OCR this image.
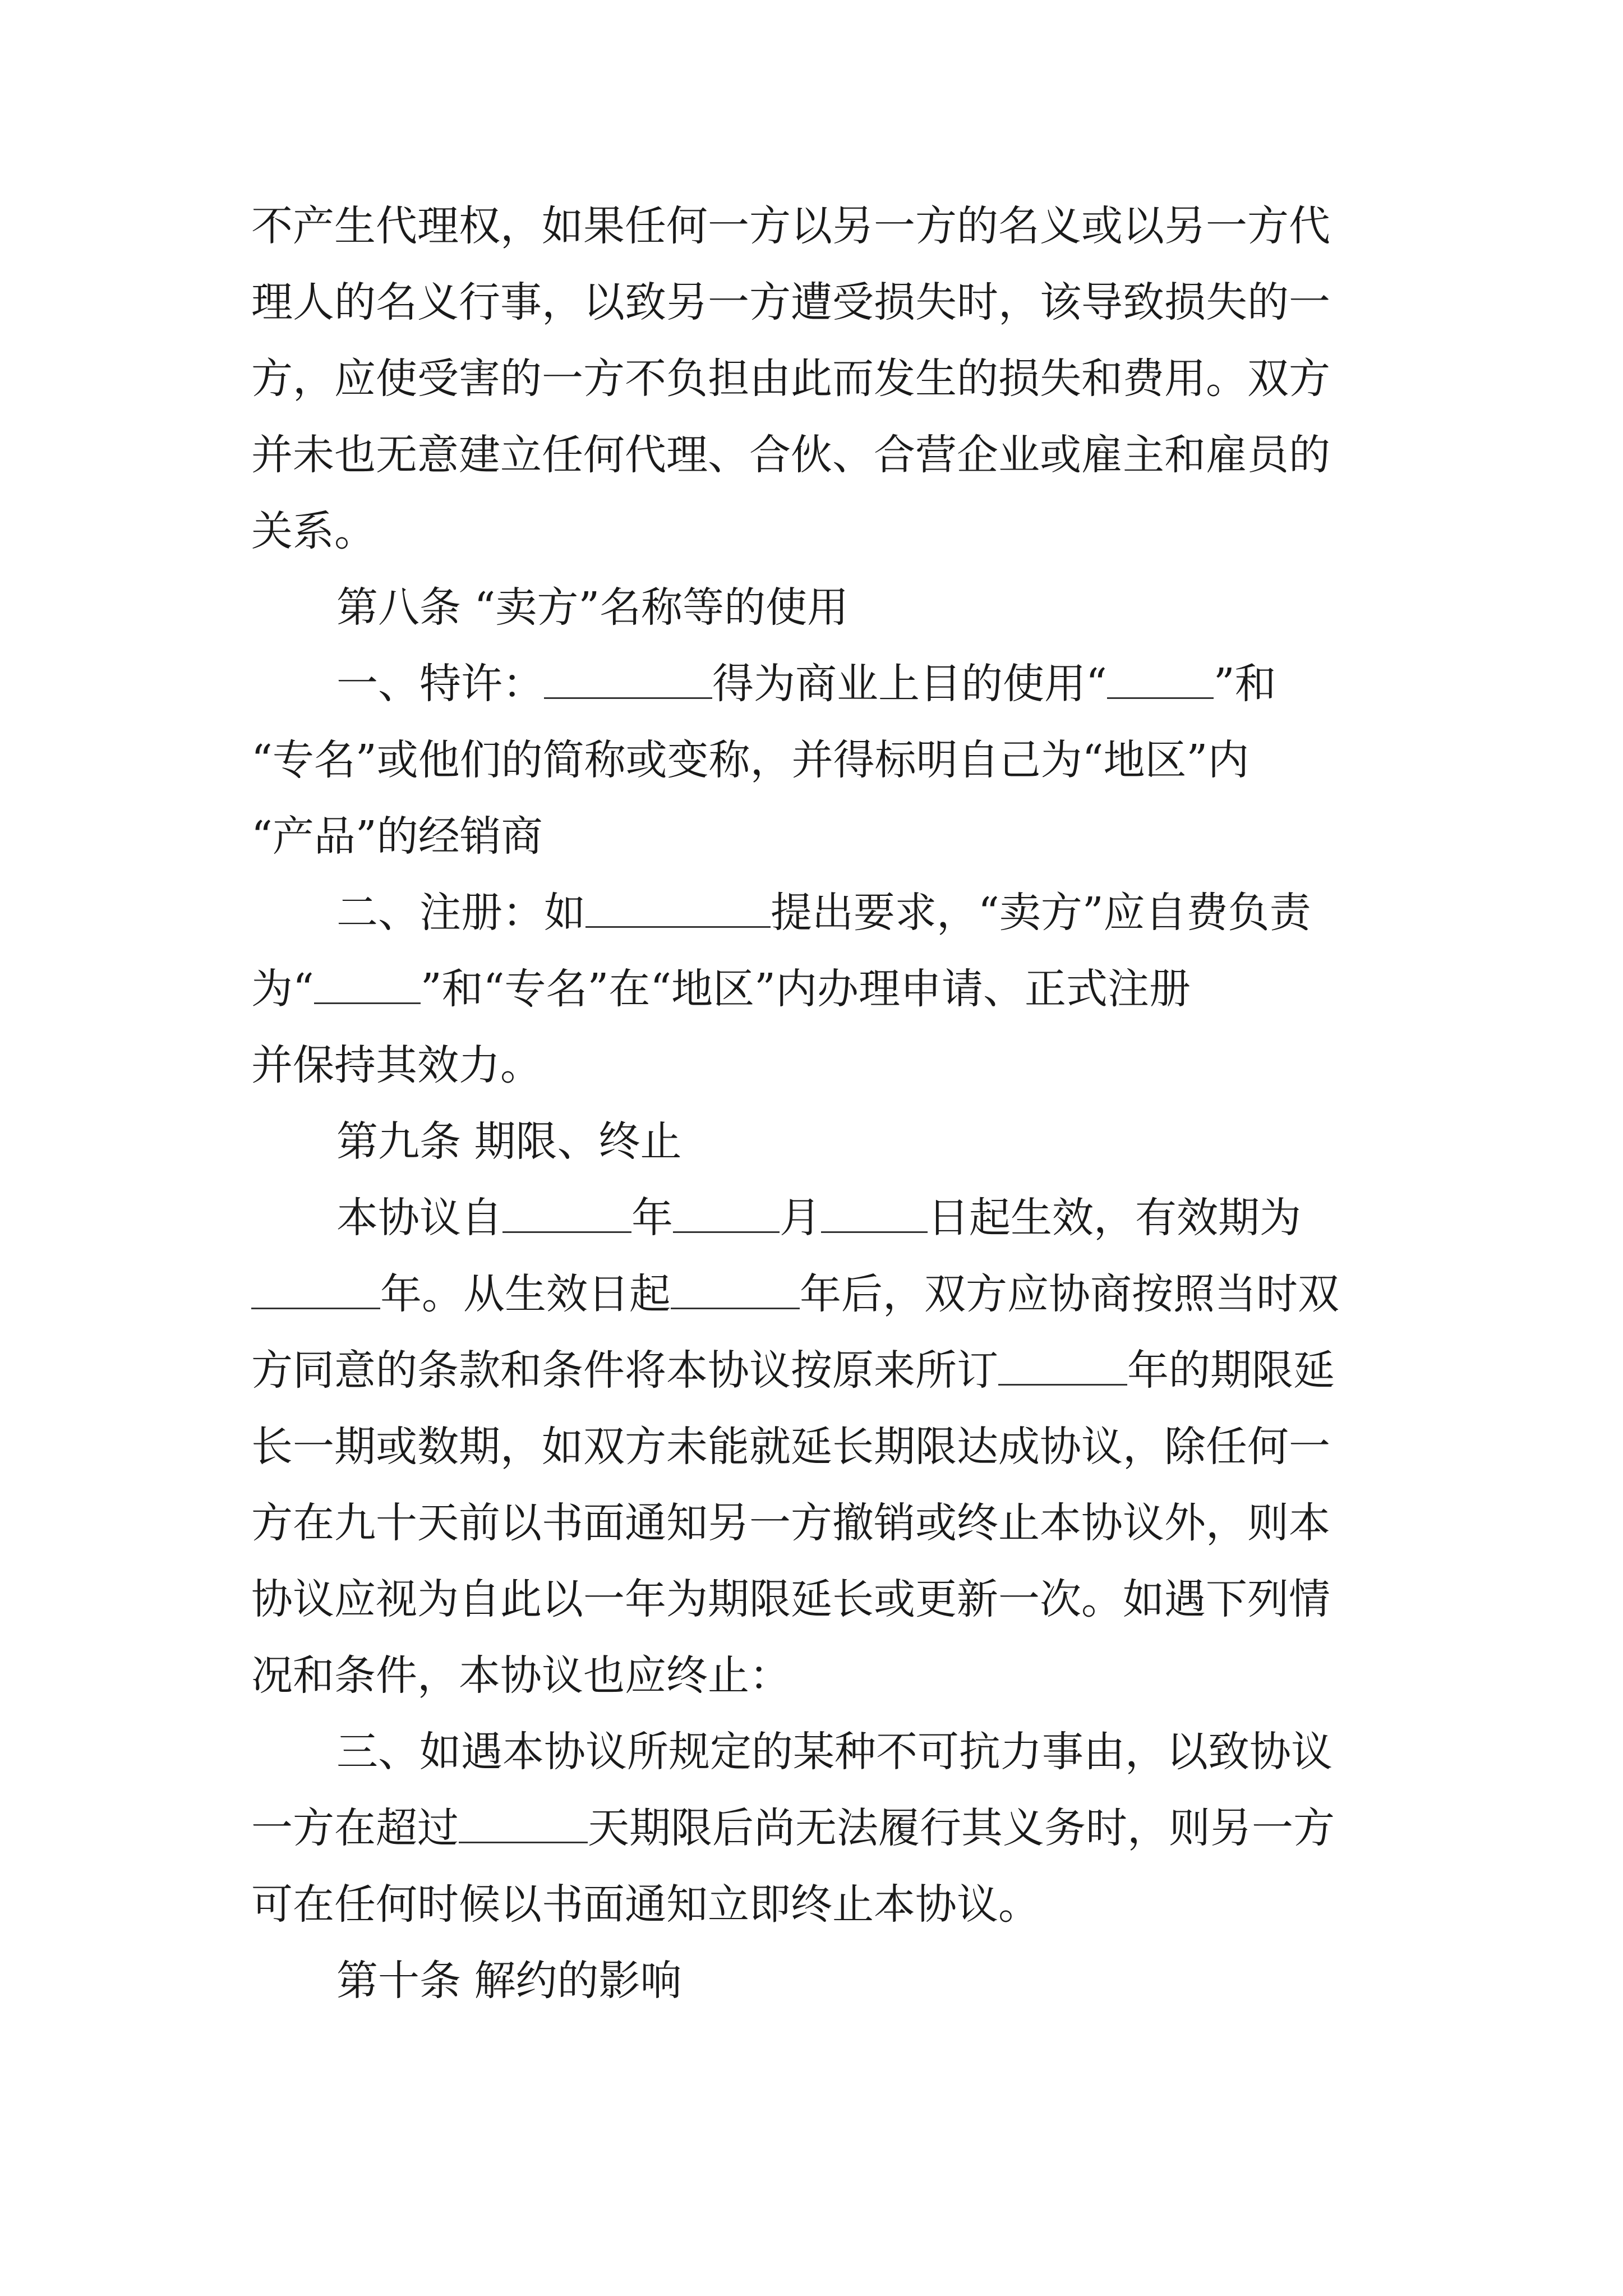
不产生代理权，如果任何一方以另一方的名义或以另一方代
理人的名义行事，以致另一方遭受损失时，该导致损失的一
方，应使受害的一方不负担由此而发生的损失和费用。双方
并未也无意建立任何代理、合伙、合营企业或雇主和雇员的
关系。
第八条 “卖方”名称等的使用
一、特许：	得为商业上目的使用“	”和
“专名”或他们的简称或变称，并得标明自己为“地区”内
“产品”的经销商
二、注册：如	提出要求，“卖方”应自费负责
为“	”和“专名”在“地区”内办理申请、正式注册
并保持其效力。
第九条 期限、终止
本协议自	年	月	日起生效，有效期为
年。从生效日起	年后，双方应协商按照当时双
方同意的条款和条件将本协议按原来所订	年的期限延
长一期或数期，如双方未能就延长期限达成协议，除任何一
方在九十天前以书面通知另一方撤销或终止本协议外，则本
协议应视为自此以一年为期限延长或更新一次。如遇下列情
况和条件，本协议也应终止：
三、如遇本协议所规定的某种不可抗力事由，以致协议
一方在超过	天期限后尚无法履行其义务时，则另一方
可在任何时候以书面通知立即终止本协议。
第十条 解约的影响
